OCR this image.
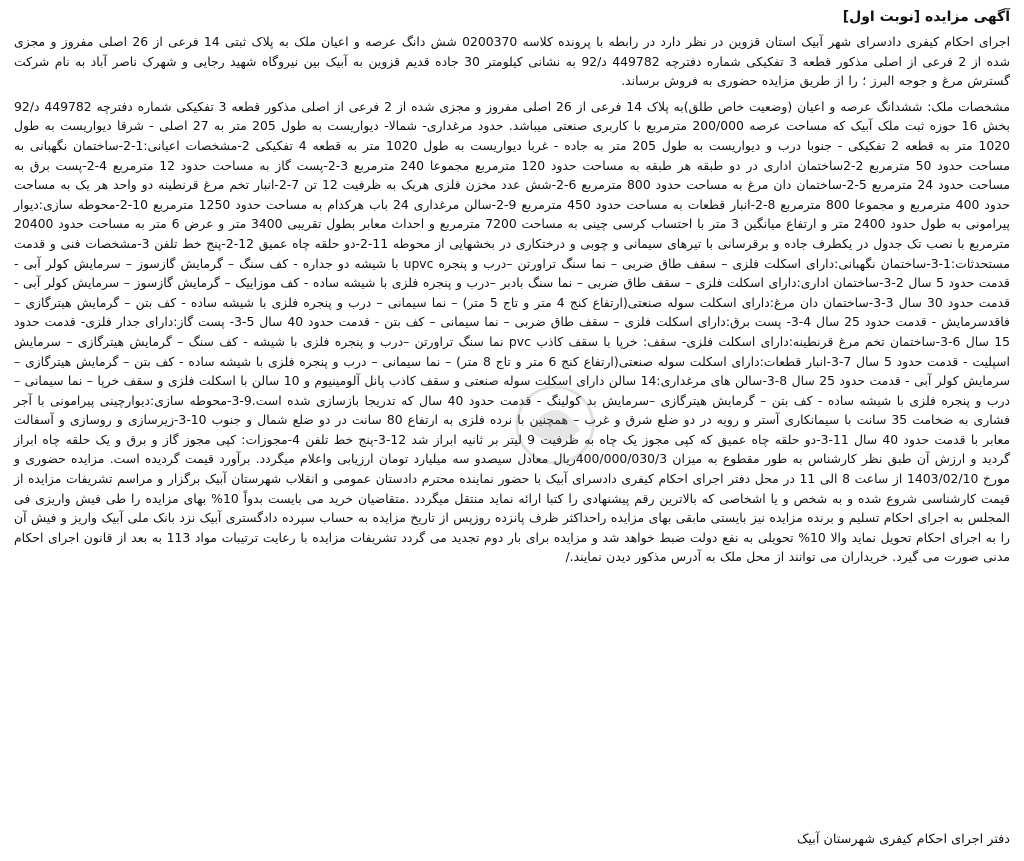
آگهی مزایده [نوبت اول]

اجرای احکام کیفری دادسرای شهر آبیک استان قزوین در نظر دارد در رابطه با پرونده کلاسه 0200370 شش دانگ عرصه و اعیان ملک به پلاک ثبتی 14 فرعی از 26 اصلی مفروز و مجزی شده از 2 فرعی از اصلی مذکور قطعه 3 تفکیکی شماره دفترچه 449782 د/92 به نشانی کیلومتر 30 جاده قدیم قزوین به آبیک بین نیروگاه شهید رجایی و شهرک ناصر آباد به نام شرکت گسترش مرغ و جوجه البرز ؛ را از طریق مزایده حضوری به فروش برساند.

مشخصات ملک: ششدانگ عرصه و اعیان (وضعیت خاص طلق)به پلاک 14 فرعی از 26 اصلی مفروز و مجزی شده از 2 فرعی از اصلی مذکور قطعه 3 تفکیکی شماره دفترچه 449782 د/92 بخش 16 حوزه ثبت ملک آبیک که مساحت عرصه 200/000 مترمربع با کاربری صنعتی میباشد. حدود مرغداری- شمالا- دیواریست به طول 205 متر به 27 اصلی - شرقا دیواریست به طول 1020 متر به قطعه 2 تفکیکی - جنوبا درب و دیواریست به طول 205 متر به جاده - غربا دیواریست به طول 1020 متر به قطعه 4 تفکیکی 2-مشخصات اعیانی:1-2-ساختمان نگهبانی به مساحت حدود 50 مترمربع 2-2ساختمان اداری در دو طبقه هر طبقه به مساحت حدود 120 مترمربع مجموعا 240 مترمربع 3-2-پست گاز به مساحت حدود 12 مترمربع 4-2-پست برق به مساحت حدود 24 مترمربع 5-2-ساختمان دان مرغ به مساحت حدود 800 مترمربع 6-2-شش عدد مخزن فلزی هریک به ظرفیت 12 تن 7-2-انبار تخم مرغ قرنطینه دو واحد هر یک به مساحت حدود 400 مترمربع و مجموعا 800 مترمربع 8-2-انبار قطعات به مساحت حدود 450 مترمربع 9-2-سالن مرغداری 24 باب هرکدام به مساحت حدود 1250 مترمربع 10-2-محوطه سازی:دیوار پیرامونی به طول حدود 2400 متر و ارتفاع میانگین 3 متر با احتساب کرسی چینی به مساحت 7200 مترمربع و احداث معابر بطول تقریبی 3400 متر و عرض 6 متر به مساحت حدود 20400 مترمربع با نصب تک جدول در یکطرف جاده و برقرسانی با تیرهای سیمانی و چوبی و درختکاری در بخشهایی از محوطه 11-2-دو حلقه چاه عمیق 12-2-پنج خط تلفن 3-مشخصات فنی و قدمت مستحدثات:1-3-ساختمان نگهبانی:دارای اسکلت فلزی – سقف طاق ضربی – نما سنگ تراورتن –درب و پنجره upvc با شیشه دو جداره - کف سنگ – گرمایش گازسوز – سرمایش کولر آبی - قدمت حدود 5 سال 2-3-ساختمان اداری:دارای اسکلت فلزی – سقف طاق ضربی – نما سنگ بادبر –درب و پنجره فلزی با شیشه ساده - کف موزاییک – گرمایش گازسوز – سرمایش کولر آبی - قدمت حدود 30 سال 3-3-ساختمان دان مرغ:دارای اسکلت سوله صنعتی(ارتفاع کنج 4 متر و تاج 5 متر) – نما سیمانی – درب و پنجره فلزی با شیشه ساده - کف بتن – گرمایش هیترگازی – فاقدسرمایش - قدمت حدود 25 سال 4-3- پست برق:دارای اسکلت فلزی – سقف طاق ضربی – نما سیمانی – کف بتن - قدمت حدود 40 سال 5-3- پست گاز:دارای جدار فلزی- قدمت حدود 15 سال 6-3-ساختمان تخم مرغ قرنطینه:دارای اسکلت فلزی- سقف: خرپا با سقف کاذب pvc نما سنگ تراورتن –درب و پنجره فلزی با شیشه - کف سنگ – گرمایش هیترگازی – سرمایش اسپلیت - قدمت حدود 5 سال 7-3-انبار قطعات:دارای اسکلت سوله صنعتی(ارتفاع کنج 6 متر و تاج 8 متر) – نما سیمانی – درب و پنجره فلزی با شیشه ساده - کف بتن – گرمایش هیترگازی – سرمایش کولر آبی - قدمت حدود 25 سال 8-3-سالن های مرغداری:14 سالن دارای اسکلت سوله صنعتی و سقف کاذب پانل آلومینیوم و 10 سالن با اسکلت فلزی و سقف خرپا – نما سیمانی – درب و پنجره فلزی با شیشه ساده - کف بتن – گرمایش هیترگازی –سرمایش بد کولینگ - قدمت حدود 40 سال که تدریجا بازسازی شده است.9-3-محوطه سازی:دیوارچینی پیرامونی با آجر فشاری به ضخامت 35 سانت با سیمانکاری آستر و رویه در دو ضلع شرق و غرب – همچنین با نرده فلزی به ارتفاع 80 سانت در دو ضلع شمال و جنوب 10-3-زیرسازی و روسازی و آسفالت معابر با قدمت حدود 40 سال 11-3-دو حلقه چاه عمیق که کپی مجوز یک چاه به ظرفیت 9 لیتر بر ثانیه ابراز شد 12-3-پنج خط تلفن 4-مجوزات: کپی مجوز گاز و برق و یک حلقه چاه ابراز گردید و ارزش آن طبق نظر کارشناس به طور مقطوع به میزان 400/000/030/3ریال معادل سیصدو سه میلیارد تومان ارزیابی واعلام میگردد. برآورد قیمت گردیده است. مزایده حضوری و مورخ 1403/02/10 از ساعت 8 الی 11 در محل دفتر اجرای احکام کیفری دادسرای آبیک با حضور نماینده محترم دادستان عمومی و انقلاب شهرستان آبیک برگزار و مراسم تشریفات مزایده از قیمت کارشناسی شروع شده و به شخص و یا اشخاصی که بالاترین رقم پیشنهادی را کتبا ارائه نماید منتقل میگردد .متقاضیان خرید می بایست بدواً 10% بهای مزایده را طی فیش واریزی فی المجلس به اجرای احکام تسلیم و برنده مزایده نیز بایستی مابقی بهای مزایده راحداکثر ظرف پانزده روزپس از تاریخ مزایده به حساب سپرده دادگستری آبیک نزد بانک ملی آبیک واریز و فیش آن را به اجرای احکام تحویل نماید والا 10% تحویلی به نفع دولت ضبط خواهد شد و مزایده برای بار دوم تجدید می گردد تشریفات مزایده با رعایت ترتیبات مواد 113 به بعد از قانون اجرای احکام مدنی صورت می گیرد. خریداران می توانند از محل ملک به آدرس مذکور دیدن نمایند./

دفتر اجرای احکام کیفری شهرستان آبیک
